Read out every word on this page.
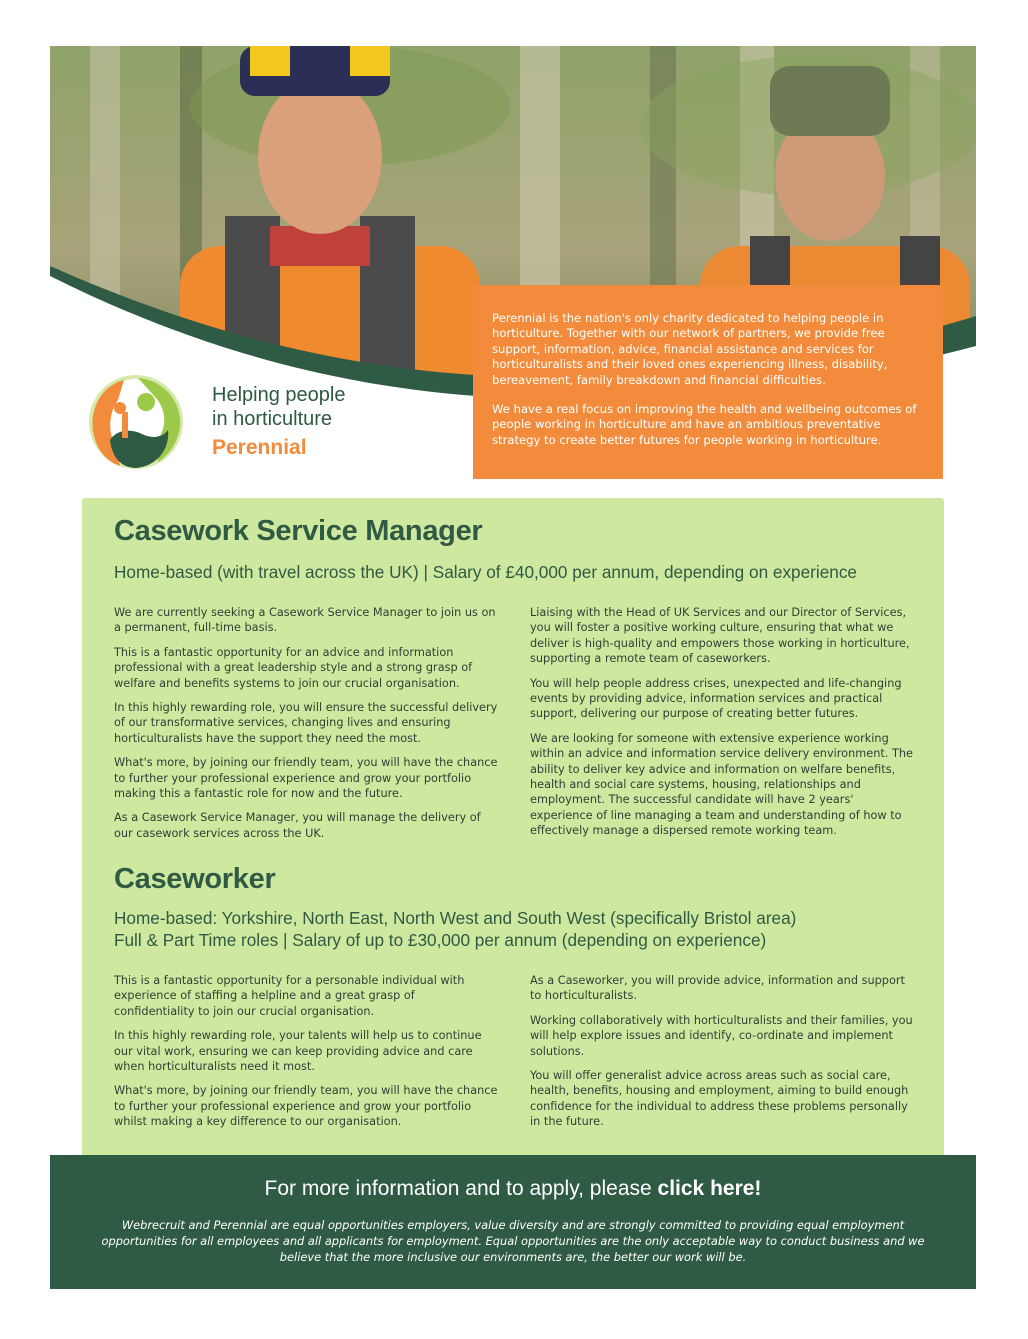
Perennial is the nation's only charity dedicated to helping people in horticulture. Together with our network of partners, we provide free support, information, advice, financial assistance and services for horticulturalists and their loved ones experiencing illness, disability, bereavement, family breakdown and financial difficulties.

We have a real focus on improving the health and wellbeing outcomes of people working in horticulture and have an ambitious preventative strategy to create better futures for people working in horticulture.

Helping people
in horticulture
Perennial
Casework Service Manager
Home-based (with travel across the UK) | Salary of £40,000 per annum, depending on experience

We are currently seeking a Casework Service Manager to join us on a permanent, full-time basis.

This is a fantastic opportunity for an advice and information professional with a great leadership style and a strong grasp of welfare and benefits systems to join our crucial organisation.

In this highly rewarding role, you will ensure the successful delivery of our transformative services, changing lives and ensuring horticulturalists have the support they need the most.

What's more, by joining our friendly team, you will have the chance to further your professional experience and grow your portfolio making this a fantastic role for now and the future.

As a Casework Service Manager, you will manage the delivery of our casework services across the UK.

Liaising with the Head of UK Services and our Director of Services, you will foster a positive working culture, ensuring that what we deliver is high-quality and empowers those working in horticulture, supporting a remote team of caseworkers.

You will help people address crises, unexpected and life-changing events by providing advice, information services and practical support, delivering our purpose of creating better futures.

We are looking for someone with extensive experience working within an advice and information service delivery environment. The ability to deliver key advice and information on welfare benefits, health and social care systems, housing, relationships and employment. The successful candidate will have 2 years' experience of line managing a team and understanding of how to effectively manage a dispersed remote working team.

Caseworker
Home-based: Yorkshire, North East, North West and South West (specifically Bristol area)
Full & Part Time roles | Salary of up to £30,000 per annum (depending on experience)

This is a fantastic opportunity for a personable individual with experience of staffing a helpline and a great grasp of confidentiality to join our crucial organisation.

In this highly rewarding role, your talents will help us to continue our vital work, ensuring we can keep providing advice and care when horticulturalists need it most.

What's more, by joining our friendly team, you will have the chance to further your professional experience and grow your portfolio whilst making a key difference to our organisation.

As a Caseworker, you will provide advice, information and support to horticulturalists.

Working collaboratively with horticulturalists and their families, you will help explore issues and identify, co-ordinate and implement solutions.

You will offer generalist advice across areas such as social care, health, benefits, housing and employment, aiming to build enough confidence for the individual to address these problems personally in the future.

For more information and to apply, please click here!
Webrecruit and Perennial are equal opportunities employers, value diversity and are strongly committed to providing equal employment opportunities for all employees and all applicants for employment. Equal opportunities are the only acceptable way to conduct business and we believe that the more inclusive our environments are, the better our work will be.
